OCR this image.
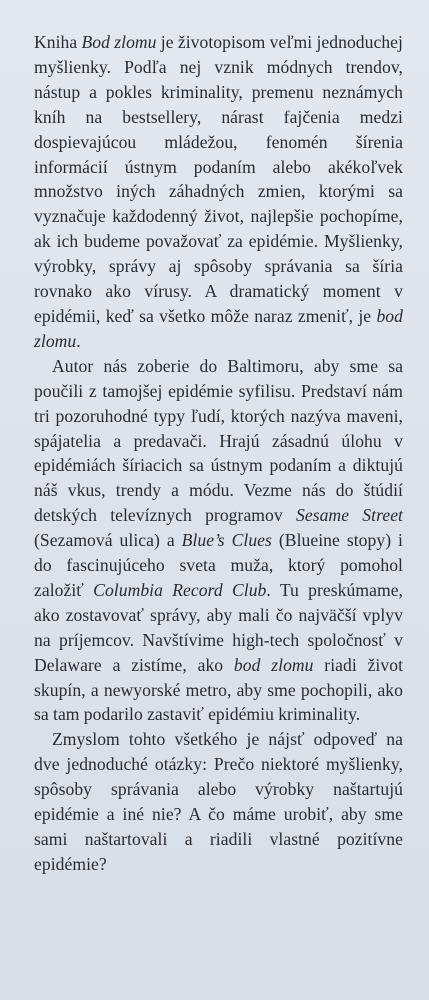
Kniha Bod zlomu je životopisom veľmi jednoduchej myšlienky. Podľa nej vznik módnych trendov, nástup a pokles kriminality, premenu neznámych kníh na bestsellery, nárast fajčenia medzi dospievajúcou mládežou, fenomén šírenia informácií ústnym podaním alebo akékoľvek množstvo iných záhadných zmien, ktorými sa vyznačuje každodenný život, najlepšie pochopíme, ak ich budeme považovať za epidémie. Myšlienky, výrobky, správy aj spôsoby správania sa šíria rovnako ako vírusy. A dramatický moment v epidémii, keď sa všetko môže naraz zmeniť, je bod zlomu.

Autor nás zoberie do Baltimoru, aby sme sa poučili z tamojšej epidémie syfilisu. Predstaví nám tri pozoruhodné typy ľudí, ktorých nazýva maveni, spájatelia a predavači. Hrajú zásadnú úlohu v epidémiách šíriacich sa ústnym podaním a diktujú náš vkus, trendy a módu. Vezme nás do štúdií detských televíznych programov Sesame Street (Sezamová ulica) a Blue’s Clues (Blueine stopy) i do fascinujúceho sveta muža, ktorý pomohol založiť Columbia Record Club. Tu preskúmame, ako zostavovať správy, aby mali čo najväčší vplyv na príjemcov. Navštívime high-tech spoločnosť v Delaware a zistíme, ako bod zlomu riadi život skupín, a newyorské metro, aby sme pochopili, ako sa tam podarilo zastaviť epidémiu kriminality.

Zmyslom tohto všetkého je nájsť odpoveď na dve jednoduché otázky: Prečo niektoré myšlienky, spôsoby správania alebo výrobky naštartujú epidémie a iné nie? A čo máme urobiť, aby sme sami naštartovali a riadili vlastné pozitívne epidémie?
